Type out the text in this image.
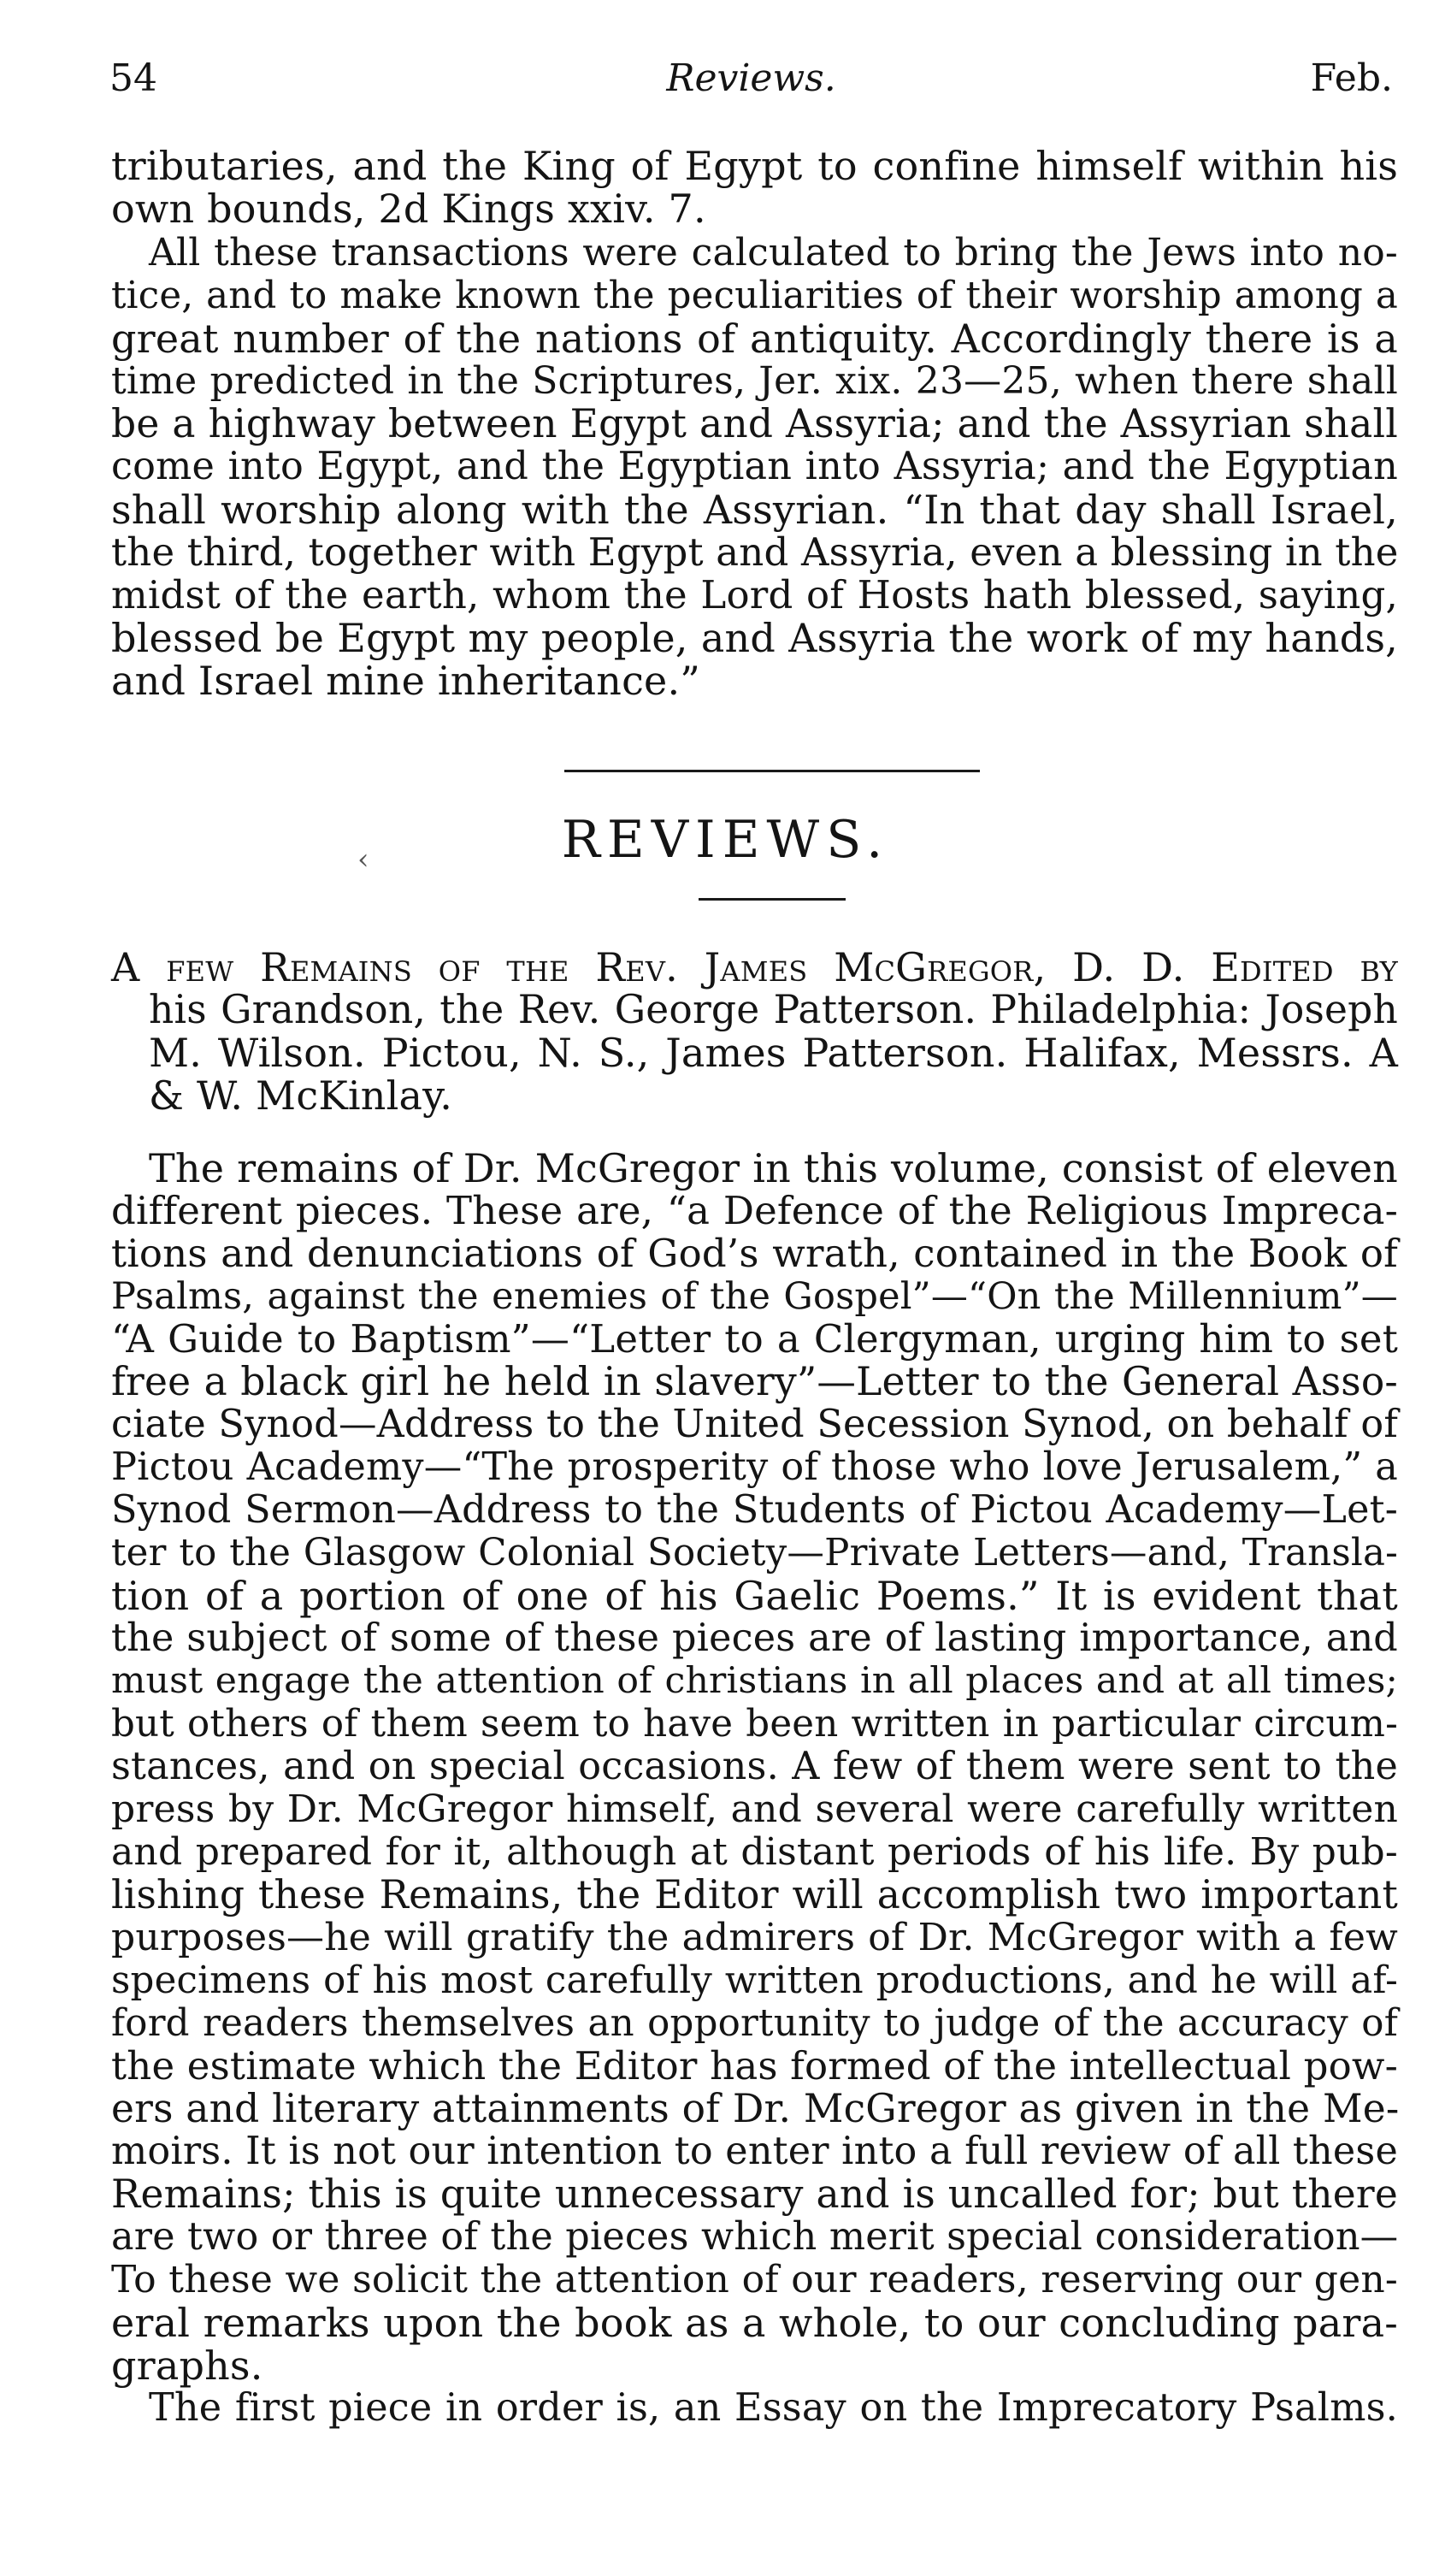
54	Reviews.	Feb.
tributaries, and the King of Egypt to confine himself within his
own bounds, 2d Kings xxiv. 7.
All these transactions were calculated to bring the Jews into no-
tice, and to make known the peculiarities of their worship among a
great number of the nations of antiquity. Accordingly there is a
time predicted in the Scriptures, Jer. xix. 23—25, when there shall
be a highway between Egypt and Assyria; and the Assyrian shall
come into Egypt, and the Egyptian into Assyria; and the Egyptian
shall worship along with the Assyrian. “In that day shall Israel,
the third, together with Egypt and Assyria, even a blessing in the
midst of the earth, whom the Lord of Hosts hath blessed, saying,
blessed be Egypt my people, and Assyria the work of my hands,
and Israel mine inheritance.”
‹	REVIEWS.
A few Remains of the Rev. James McGregor, D. D. Edited by
his Grandson, the Rev. George Patterson. Philadelphia: Joseph
M. Wilson. Pictou, N. S., James Patterson. Halifax, Messrs. A
& W. McKinlay.
The remains of Dr. McGregor in this volume, consist of eleven
different pieces. These are, “a Defence of the Religious Impreca-
tions and denunciations of God’s wrath, contained in the Book of
Psalms, against the enemies of the Gospel”—“On the Millennium”—
“A Guide to Baptism”—“Letter to a Clergyman, urging him to set
free a black girl he held in slavery”—Letter to the General Asso-
ciate Synod—Address to the United Secession Synod, on behalf of
Pictou Academy—“The prosperity of those who love Jerusalem,” a
Synod Sermon—Address to the Students of Pictou Academy—Let-
ter to the Glasgow Colonial Society—Private Letters—and, Transla-
tion of a portion of one of his Gaelic Poems.” It is evident that
the subject of some of these pieces are of lasting importance, and
must engage the attention of christians in all places and at all times;
but others of them seem to have been written in particular circum-
stances, and on special occasions. A few of them were sent to the
press by Dr. McGregor himself, and several were carefully written
and prepared for it, although at distant periods of his life. By pub-
lishing these Remains, the Editor will accomplish two important
purposes—he will gratify the admirers of Dr. McGregor with a few
specimens of his most carefully written productions, and he will af-
ford readers themselves an opportunity to judge of the accuracy of
the estimate which the Editor has formed of the intellectual pow-
ers and literary attainments of Dr. McGregor as given in the Me-
moirs. It is not our intention to enter into a full review of all these
Remains; this is quite unnecessary and is uncalled for; but there
are two or three of the pieces which merit special consideration—
To these we solicit the attention of our readers, reserving our gen-
eral remarks upon the book as a whole, to our concluding para-
graphs.
The first piece in order is, an Essay on the Imprecatory Psalms.
